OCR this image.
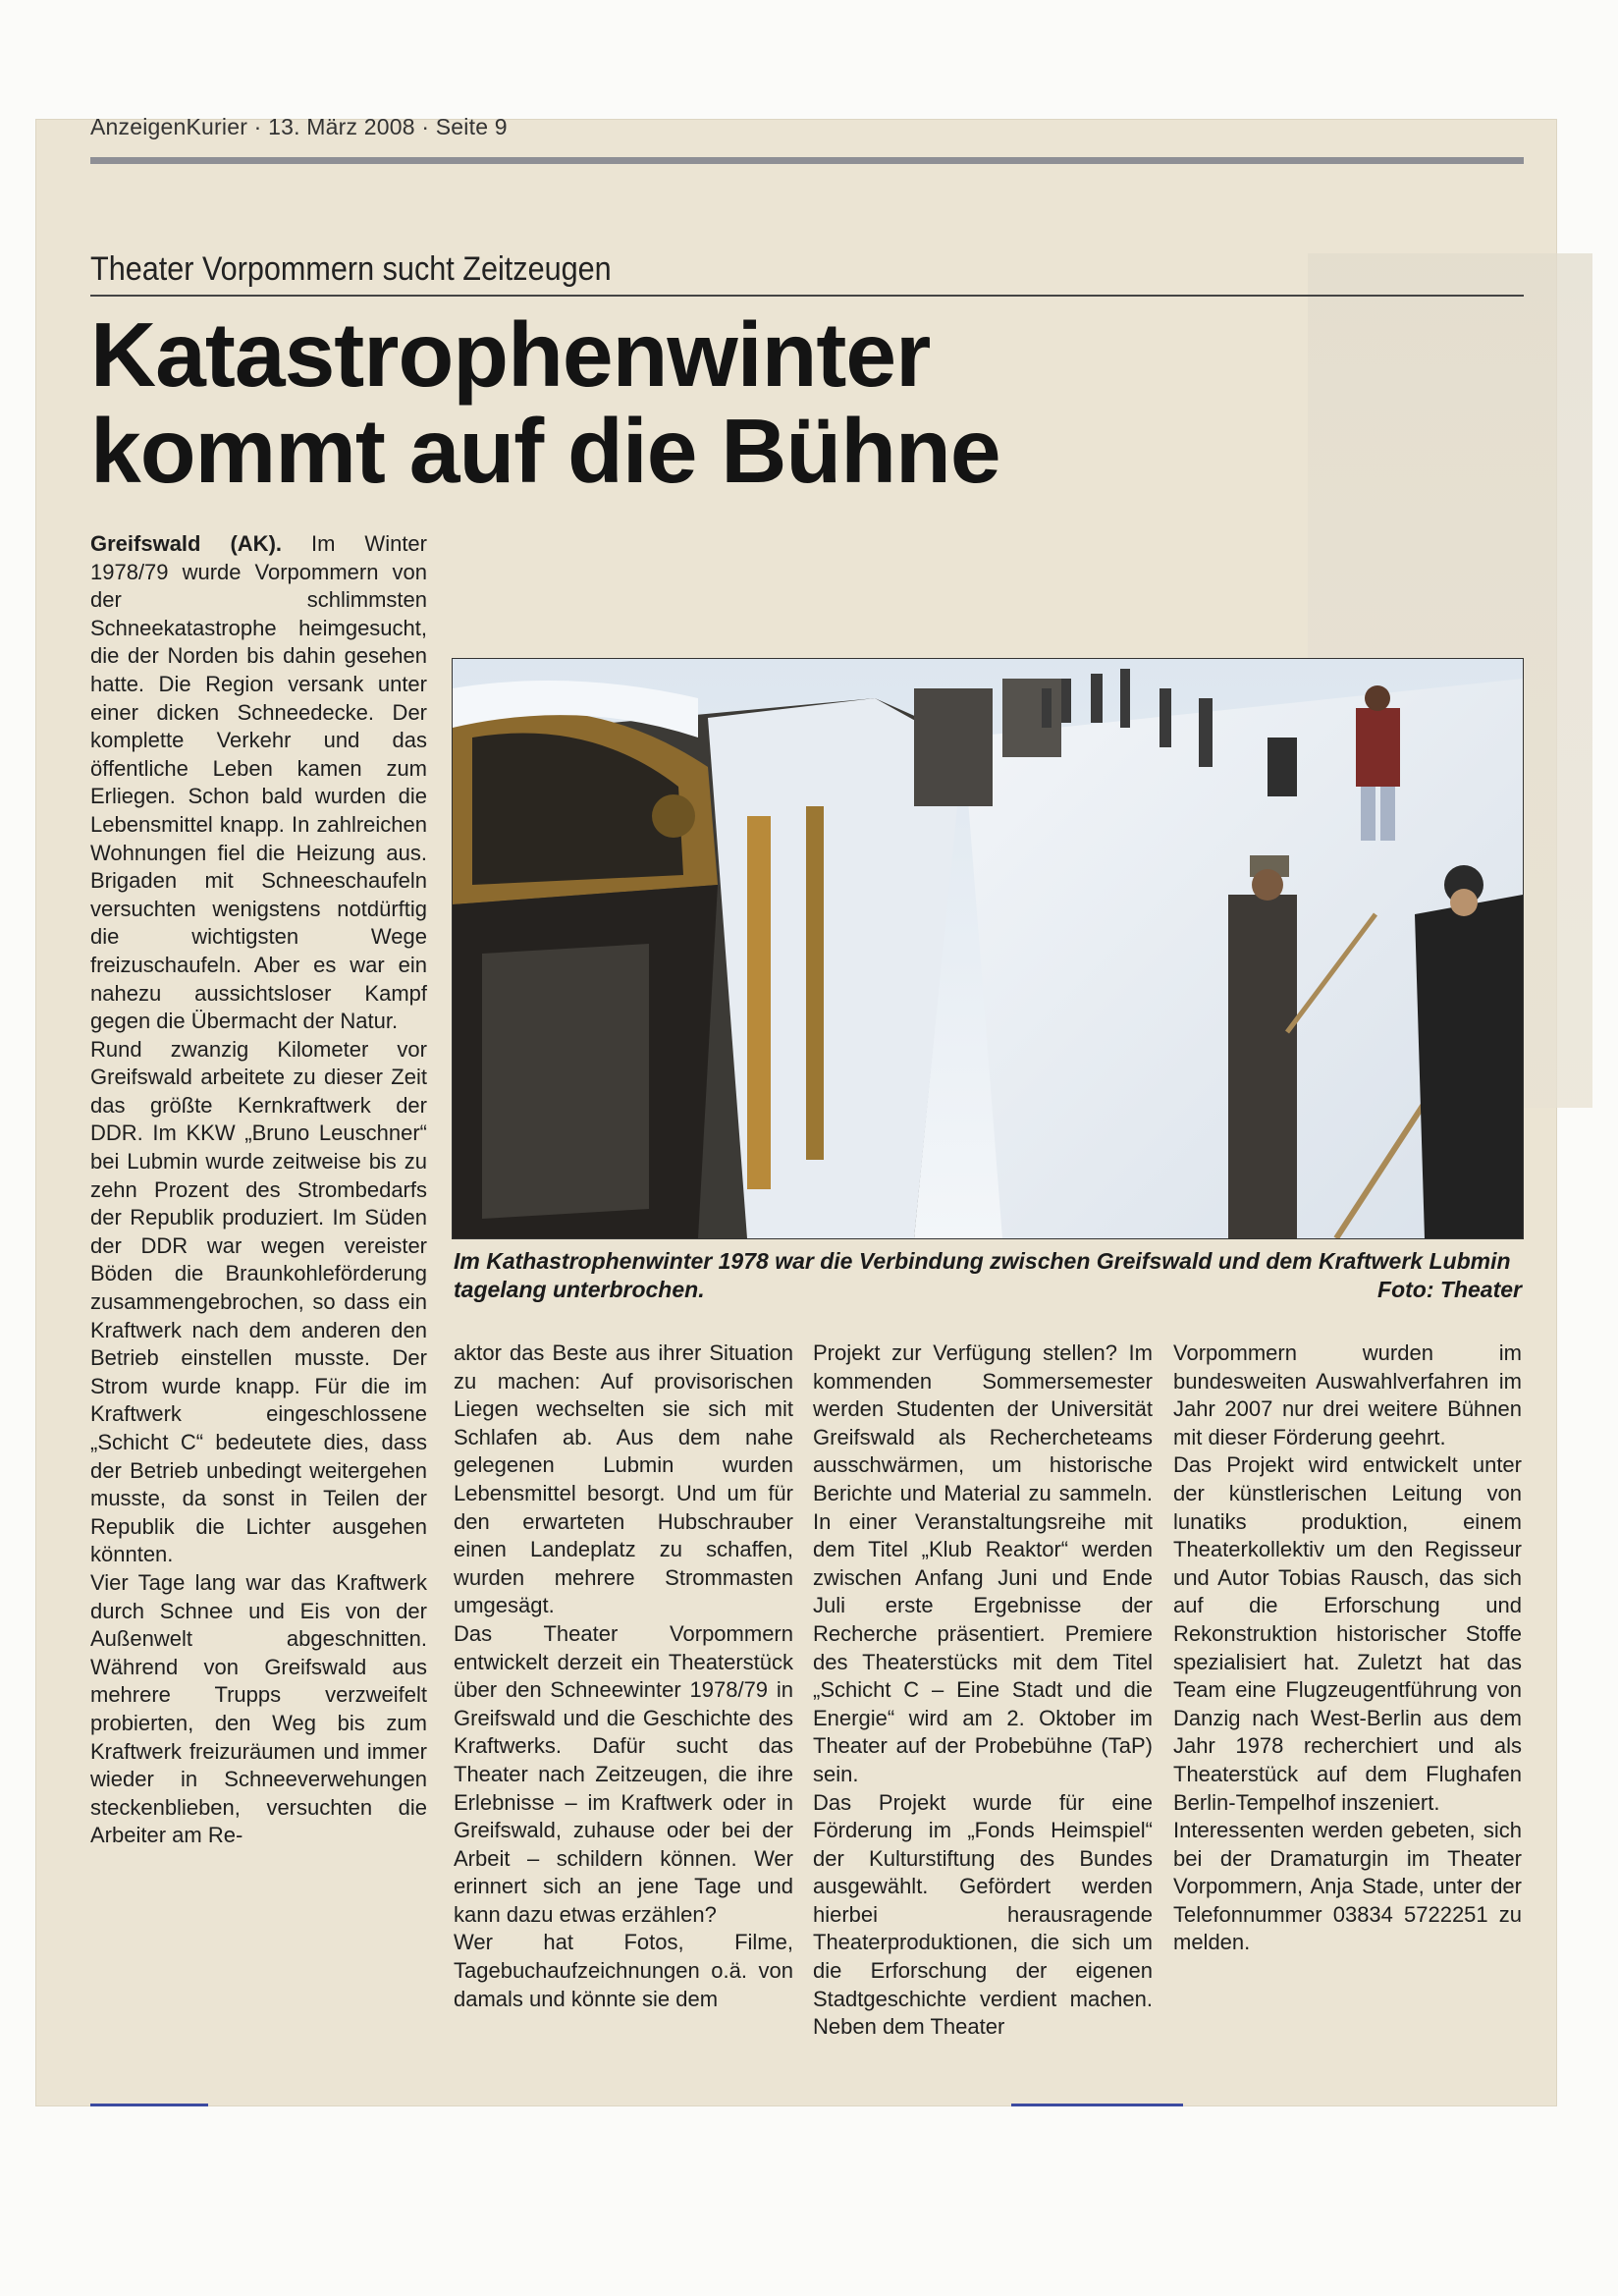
AnzeigenKurier · 13. März 2008 · Seite 9
Theater Vorpommern sucht Zeitzeugen
Katastrophenwinter
kommt auf die Bühne

Greifswald (AK). Im Winter 1978/79 wurde Vorpommern von der schlimmsten Schneekatastrophe heimgesucht, die der Norden bis dahin gesehen hatte. Die Region versank unter einer dicken Schneedecke. Der komplette Verkehr und das öffentliche Leben kamen zum Erliegen. Schon bald wurden die Lebensmittel knapp. In zahlreichen Wohnungen fiel die Heizung aus. Brigaden mit Schneeschaufeln versuchten wenigstens notdürftig die wichtigsten Wege freizuschaufeln. Aber es war ein nahezu aussichtsloser Kampf gegen die Übermacht der Natur.

Rund zwanzig Kilometer vor Greifswald arbeitete zu dieser Zeit das größte Kernkraftwerk der DDR. Im KKW „Bruno Leuschner“ bei Lubmin wurde zeitweise bis zu zehn Prozent des Strombedarfs der Republik produziert. Im Süden der DDR war wegen vereister Böden die Braunkohleförderung zusammengebrochen, so dass ein Kraftwerk nach dem anderen den Betrieb einstellen musste. Der Strom wurde knapp. Für die im Kraftwerk eingeschlossene „Schicht C“ bedeutete dies, dass der Betrieb unbedingt weitergehen musste, da sonst in Teilen der Republik die Lichter ausgehen könnten.

Vier Tage lang war das Kraftwerk durch Schnee und Eis von der Außenwelt abgeschnitten. Während von Greifswald aus mehrere Trupps verzweifelt probierten, den Weg bis zum Kraftwerk freizuräumen und immer wieder in Schneeverwehungen steckenblieben, versuchten die Arbeiter am Re-

Im Kathastrophenwinter 1978 war die Verbindung zwischen Greifswald und dem Kraftwerk Lubmin tagelang unterbrochen.	Foto: Theater

aktor das Beste aus ihrer Situation zu machen: Auf provisorischen Liegen wechselten sie sich mit Schlafen ab. Aus dem nahe gelegenen Lubmin wurden Lebensmittel besorgt. Und um für den erwarteten Hubschrauber einen Landeplatz zu schaffen, wurden mehrere Strommasten umgesägt.

Das Theater Vorpommern entwickelt derzeit ein Theaterstück über den Schneewinter 1978/79 in Greifswald und die Geschichte des Kraftwerks. Dafür sucht das Theater nach Zeitzeugen, die ihre Erlebnisse – im Kraftwerk oder in Greifswald, zuhause oder bei der Arbeit – schildern können. Wer erinnert sich an jene Tage und kann dazu etwas erzählen?

Wer hat Fotos, Filme, Tagebuchaufzeichnungen o.ä. von damals und könnte sie dem

Projekt zur Verfügung stellen? Im kommenden Sommersemester werden Studenten der Universität Greifswald als Rechercheteams ausschwärmen, um historische Berichte und Material zu sammeln. In einer Veranstaltungsreihe mit dem Titel „Klub Reaktor“ werden zwischen Anfang Juni und Ende Juli erste Ergebnisse der Recherche präsentiert. Premiere des Theaterstücks mit dem Titel „Schicht C – Eine Stadt und die Energie“ wird am 2. Oktober im Theater auf der Probebühne (TaP) sein.

Das Projekt wurde für eine Förderung im „Fonds Heimspiel“ der Kulturstiftung des Bundes ausgewählt. Gefördert werden hierbei herausragende Theaterproduktionen, die sich um die Erforschung der eigenen Stadtgeschichte verdient machen. Neben dem Theater

Vorpommern wurden im bundesweiten Auswahlverfahren im Jahr 2007 nur drei weitere Bühnen mit dieser Förderung geehrt.

Das Projekt wird entwickelt unter der künstlerischen Leitung von lunatiks produktion, einem Theaterkollektiv um den Regisseur und Autor Tobias Rausch, das sich auf die Erforschung und Rekonstruktion historischer Stoffe spezialisiert hat. Zuletzt hat das Team eine Flugzeugentführung von Danzig nach West-Berlin aus dem Jahr 1978 recherchiert und als Theaterstück auf dem Flughafen Berlin-Tempelhof inszeniert.

Interessenten werden gebeten, sich bei der Dramaturgin im Theater Vorpommern, Anja Stade, unter der Telefonnummer 03834 5722251 zu melden.
